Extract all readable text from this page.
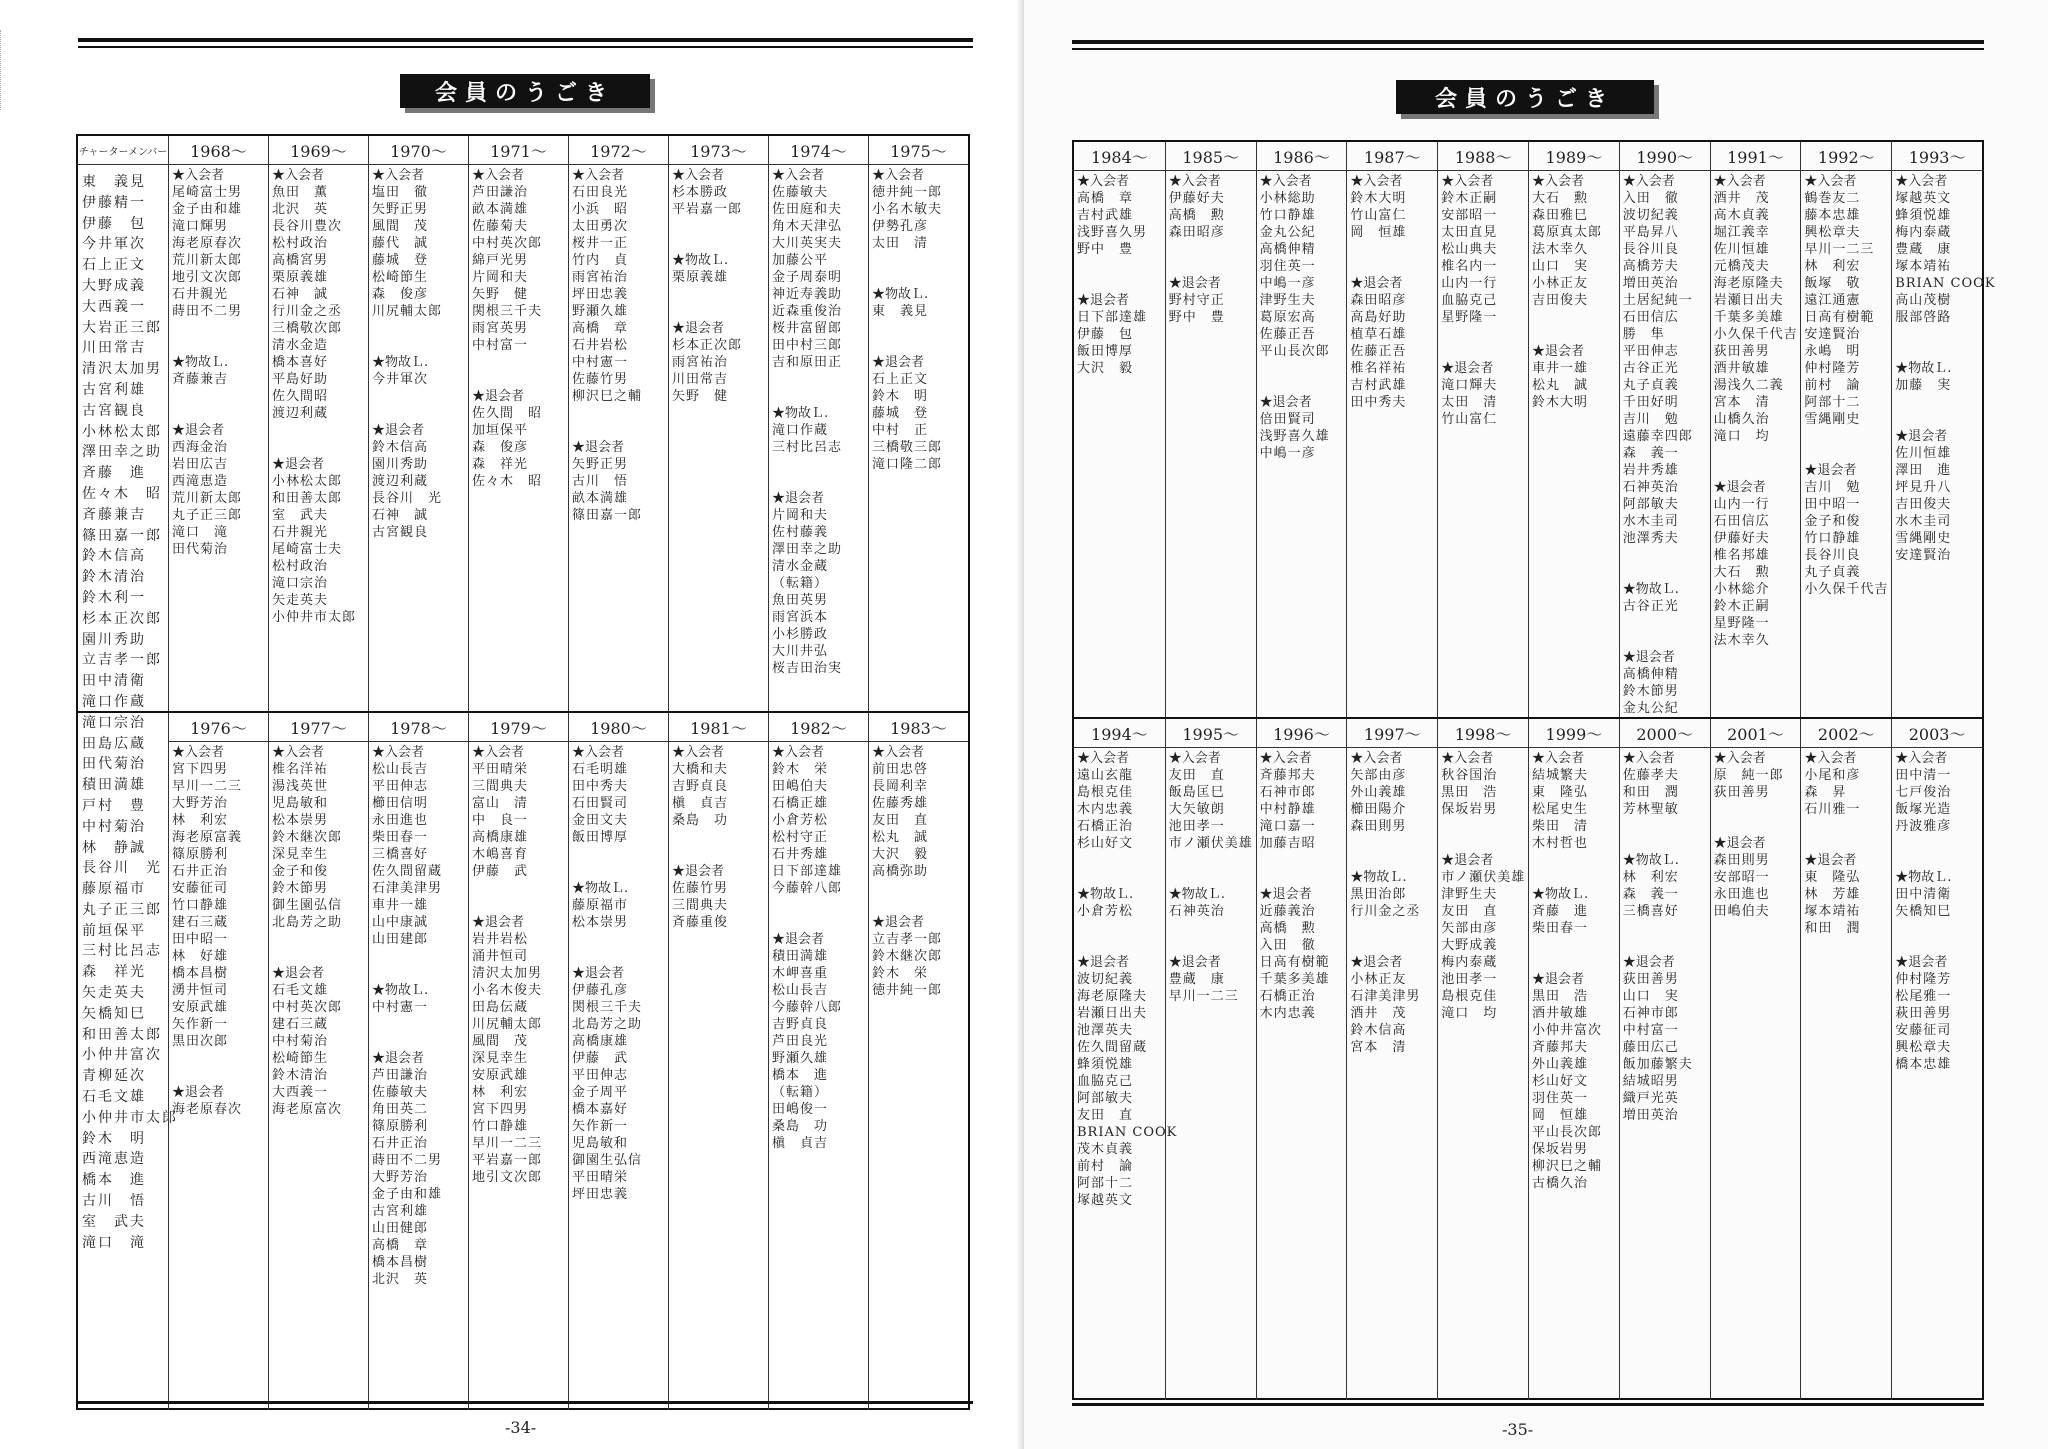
会員のうごき
チャーターメンバー
東　義見
伊藤精一
伊藤　包
今井軍次
石上正文
大野成義
大西義一
大岩正三郎
川田常吉
清沢太加男
古宮利雄
古宮観良
小林松太郎
澤田幸之助
斉藤　進
佐々木　昭
斉藤兼吉
篠田嘉一郎
鈴木信高
鈴木清治
鈴木利一
杉本正次郎
園川秀助
立吉孝一郎
田中清衛
滝口作蔵
滝口宗治
田島広蔵
田代菊治
積田満雄
戸村　豊
中村菊治
林　静誠
長谷川　光
藤原福市
丸子正三郎
前垣保平
三村比呂志
森　祥光
矢走英夫
矢橋知巳
和田善太郎
小仲井富次
青柳延次
石毛文雄
小仲井市太郎
鈴木　明
西滝恵造
橋本　進
古川　悟
室　武夫
滝口　滝
1968〜
★入会者
尾崎富士男
金子由和雄
滝口輝男
海老原春次
荒川新太郎
地引文次郎
石井親光
蒔田不二男
★物故Ｌ.
斉藤兼吉
★退会者
西海金治
岩田広吉
西滝恵造
荒川新太郎
丸子正三郎
滝口　滝
田代菊治
1969〜
★入会者
魚田　薫
北沢　英
長谷川豊次
松村政治
高橋宮男
栗原義雄
石神　誠
行川金之丞
三橋敬次郎
清水金造
橋本喜好
平島好助
佐久間昭
渡辺利蔵
★退会者
小林松太郎
和田善太郎
室　武夫
石井親光
尾崎富士夫
松村政治
滝口宗治
矢走英夫
小仲井市太郎
1970〜
★入会者
塩田　徹
矢野正男
風間　茂
藤代　誠
藤城　登
松崎節生
森　俊彦
川尻輔太郎
★物故Ｌ.
今井軍次
★退会者
鈴木信高
園川秀助
渡辺利蔵
長谷川　光
石神　誠
古宮観良
1971〜
★入会者
芦田謙治
畝本満雄
佐藤菊夫
中村英次郎
綿戸光男
片岡和夫
矢野　健
関根三千夫
雨宮英男
中村富一
★退会者
佐久間　昭
加垣保平
森　俊彦
森　祥光
佐々木　昭
1972〜
★入会者
石田良光
小浜　昭
太田勇次
桜井一正
竹内　貞
雨宮祐治
坪田忠義
野瀬久雄
高橋　章
石井岩松
中村憲一
佐藤竹男
柳沢巳之輔
★退会者
矢野正男
古川　悟
畝本満雄
篠田嘉一郎
1973〜
★入会者
杉本勝政
平岩嘉一郎
★物故Ｌ.
栗原義雄
★退会者
杉本正次郎
雨宮祐治
川田常吉
矢野　健
1974〜
★入会者
佐藤敏夫
佐田庭和夫
角木天津弘
大川英実夫
加藤公平
金子周泰明
神近寿義助
近森重俊治
桜井富留郎
田中村三郎
吉和原田正
★物故Ｌ.
滝口作蔵
三村比呂志
★退会者
片岡和夫
佐村藤義
澤田幸之助
清水金蔵
（転籍）
魚田英男
雨宮浜本
小杉勝政
大川井弘
桜吉田治実
1975〜
★入会者
徳井純一郎
小名木敏夫
伊勢孔彦
太田　清
★物故Ｌ.
東　義見
★退会者
石上正文
鈴木　明
藤城　登
中村　正
三橋敬三郎
滝口隆二郎
1976〜
★入会者
宮下四男
早川一二三
大野芳治
林　利宏
海老原富義
篠原勝利
石井正治
安藤征司
竹口静雄
建石三蔵
田中昭一
林　好雄
橋本昌樹
湧井恒司
安原武雄
矢作新一
黒田次郎
★退会者
海老原春次
1977〜
★入会者
椎名洋祐
湯浅英世
児島敏和
松本崇男
鈴木継次郎
深見幸生
金子和俊
鈴木節男
御生園弘信
北島芳之助
★退会者
石毛文雄
中村英次郎
建石三蔵
中村菊治
松崎節生
鈴木清治
大西義一
海老原富次
1978〜
★入会者
松山長吉
平田伸志
櫛田信明
永田進也
柴田春一
三橋喜好
佐久間留蔵
石津美津男
車井一雄
山中康誠
山田建郎
★物故Ｌ.
中村憲一
★退会者
芦田謙治
佐藤敏夫
角田英二
篠原勝利
石井正治
蒔田不二男
大野芳治
金子由和雄
古宮利雄
山田健郎
高橋　章
橋本昌樹
北沢　英
1979〜
★入会者
平田晴栄
三間典夫
富山　清
中　良一
高橋康雄
木嶋喜育
伊藤　武
★退会者
岩井岩松
涌井恒司
清沢太加男
小名木俊夫
田島伝蔵
川尻輔太郎
風間　茂
深見幸生
安原武雄
林　利宏
宮下四男
竹口静雄
早川一二三
平岩嘉一郎
地引文次郎
1980〜
★入会者
石毛明雄
田中秀夫
石田賢司
金田文夫
飯田博厚
★物故Ｌ.
藤原福市
松本崇男
★退会者
伊藤孔彦
関根三千夫
北島芳之助
高橋康雄
伊藤　武
平田伸志
金子周平
橋本嘉好
矢作新一
児島敏和
御園生弘信
平田晴栄
坪田忠義
1981〜
★入会者
大橋和夫
吉野貞良
槇　貞吉
桑島　功
★退会者
佐藤竹男
三間典夫
斉藤重俊
1982〜
★入会者
鈴木　栄
田嶋伯夫
石橋正雄
小倉芳松
松村守正
石井秀雄
日下部達雄
今藤幹八郎
★退会者
積田満雄
木岬喜重
松山長吉
今藤幹八郎
吉野貞良
芦田良光
野瀬久雄
橋本　進
（転籍）
田嶋俊一
桑島　功
槇　貞吉
1983〜
★入会者
前田忠啓
長岡利幸
佐藤秀雄
友田　直
松丸　誠
大沢　毅
高橋弥助
★退会者
立吉孝一郎
鈴木継次郎
鈴木　栄
徳井純一郎
-34-
会員のうごき
1984〜
★入会者
高橋　章
吉村武雄
浅野喜久男
野中　豊
★退会者
日下部達雄
伊藤　包
飯田博厚
大沢　毅
1985〜
★入会者
伊藤好夫
高橋　勲
森田昭彦
★退会者
野村守正
野中　豊
1986〜
★入会者
小林総助
竹口静雄
金丸公紀
高橋伸精
羽住英一
中嶋一彦
津野生夫
葛原宏高
佐藤正吾
平山長次郎
★退会者
倍田賢司
浅野喜久雄
中嶋一彦
1987〜
★入会者
鈴木大明
竹山富仁
岡　恒雄
★退会者
森田昭彦
高島好助
植草石雄
佐藤正吾
椎名祥祐
吉村武雄
田中秀夫
1988〜
★入会者
鈴木正嗣
安部昭一
太田直見
松山典夫
椎名内一
山内一行
血脇克己
星野隆一
★退会者
滝口輝夫
太田　清
竹山富仁
1989〜
★入会者
大石　勲
森田雅巳
葛原真太郎
法木幸久
山口　実
小林正友
吉田俊夫
★退会者
車井一雄
松丸　誠
鈴木大明
1990〜
★入会者
入田　徹
波切紀義
平島昇八
長谷川良
高橋芳夫
増田英治
土居紀純一
石田信広
勝　隼
平田伸志
古谷正光
丸子貞義
千田好明
吉川　勉
遠藤幸四郎
森　義一
岩井秀雄
石神英治
阿部敏夫
水木圭司
池澤秀夫
★物故Ｌ.
古谷正光
★退会者
高橋伸精
鈴木節男
金丸公紀
1991〜
★入会者
酒井　茂
高木貞義
堀江義幸
佐川恒雄
元橋茂夫
海老原隆夫
岩瀬日出夫
千葉多美雄
小久保千代吉
荻田善男
酒井敏雄
湯浅久二義
宮本　清
山橋久治
滝口　均
★退会者
山内一行
石田信広
伊藤好夫
椎名邦雄
大石　勲
小林総介
鈴木正嗣
星野隆一
法木幸久
1992〜
★入会者
鶴巻友二
藤本忠雄
興松章夫
早川一二三
林　利宏
飯塚　敬
遠江通憲
日高有樹範
安達賢治
永嶋　明
仲村隆芳
前村　論
阿部十二
雪縄剛史
★退会者
吉川　勉
田中昭一
金子和俊
竹口静雄
長谷川良
丸子貞義
小久保千代吉
1993〜
★入会者
塚越英文
蜂須悦雄
梅内泰蔵
豊蔵　康
塚本靖祐
BRIAN COOK
高山茂樹
服部啓路
★物故Ｌ.
加藤　実
★退会者
佐川恒雄
澤田　進
坪見升八
吉田俊夫
水木圭司
雪縄剛史
安達賢治
1994〜
★入会者
遠山玄龍
島根克佳
木内忠義
石橋正治
杉山好文
★物故Ｌ.
小倉芳松
★退会者
波切紀義
海老原隆夫
岩瀬日出夫
池澤英夫
佐久間留蔵
蜂須悦雄
血脇克己
阿部敏夫
友田　直
BRIAN COOK
茂木貞義
前村　論
阿部十二
塚越英文
1995〜
★入会者
友田　直
飯島匡巳
大矢敏朗
池田孝一
市ノ瀬伏美雄
★物故Ｌ.
石神英治
★退会者
豊蔵　康
早川一二三
1996〜
★入会者
斉藤邦夫
石神市郎
中村静雄
滝口嘉一
加藤吉昭
★退会者
近藤義治
高橋　勲
入田　徹
日高有樹範
千葉多美雄
石橋正治
木内忠義
1997〜
★入会者
矢部由彦
外山義雄
櫛田陽介
森田則男
★物故Ｌ.
黒田治郎
行川金之丞
★退会者
小林正友
石津美津男
酒井　茂
鈴木信高
宮本　清
1998〜
★入会者
秋谷国治
黒田　浩
保坂岩男
★退会者
市ノ瀬伏美雄
津野生夫
友田　直
矢部由彦
大野成義
梅内泰蔵
池田孝一
島根克佳
滝口　均
1999〜
★入会者
結城繁夫
東　隆弘
松尾史生
柴田　清
木村哲也
★物故Ｌ.
斉藤　進
柴田春一
★退会者
黒田　浩
酒井敏雄
小仲井富次
斉藤邦夫
外山義雄
杉山好文
羽住英一
岡　恒雄
平山長次郎
保坂岩男
柳沢巳之輔
古橋久治
2000〜
★入会者
佐藤孝夫
和田　潤
芳林聖敏
★物故Ｌ.
林　利宏
森　義一
三橋喜好
★退会者
荻田善男
山口　実
石神市郎
中村富一
藤田広己
飯加藤繁夫
結城昭男
織戸光英
増田英治
2001〜
★入会者
原　純一郎
荻田善男
★退会者
森田則男
安部昭一
永田進也
田嶋伯夫
2002〜
★入会者
小尾和彦
森　昇
石川雅一
★退会者
東　隆弘
林　芳雄
塚本靖祐
和田　潤
2003〜
★入会者
田中清一
七戸俊治
飯塚光造
丹波雅彦
★物故Ｌ.
田中清衛
矢橋知巳
★退会者
仲村隆芳
松尾雅一
萩田善男
安藤征司
興松章夫
橋本忠雄
-35-
